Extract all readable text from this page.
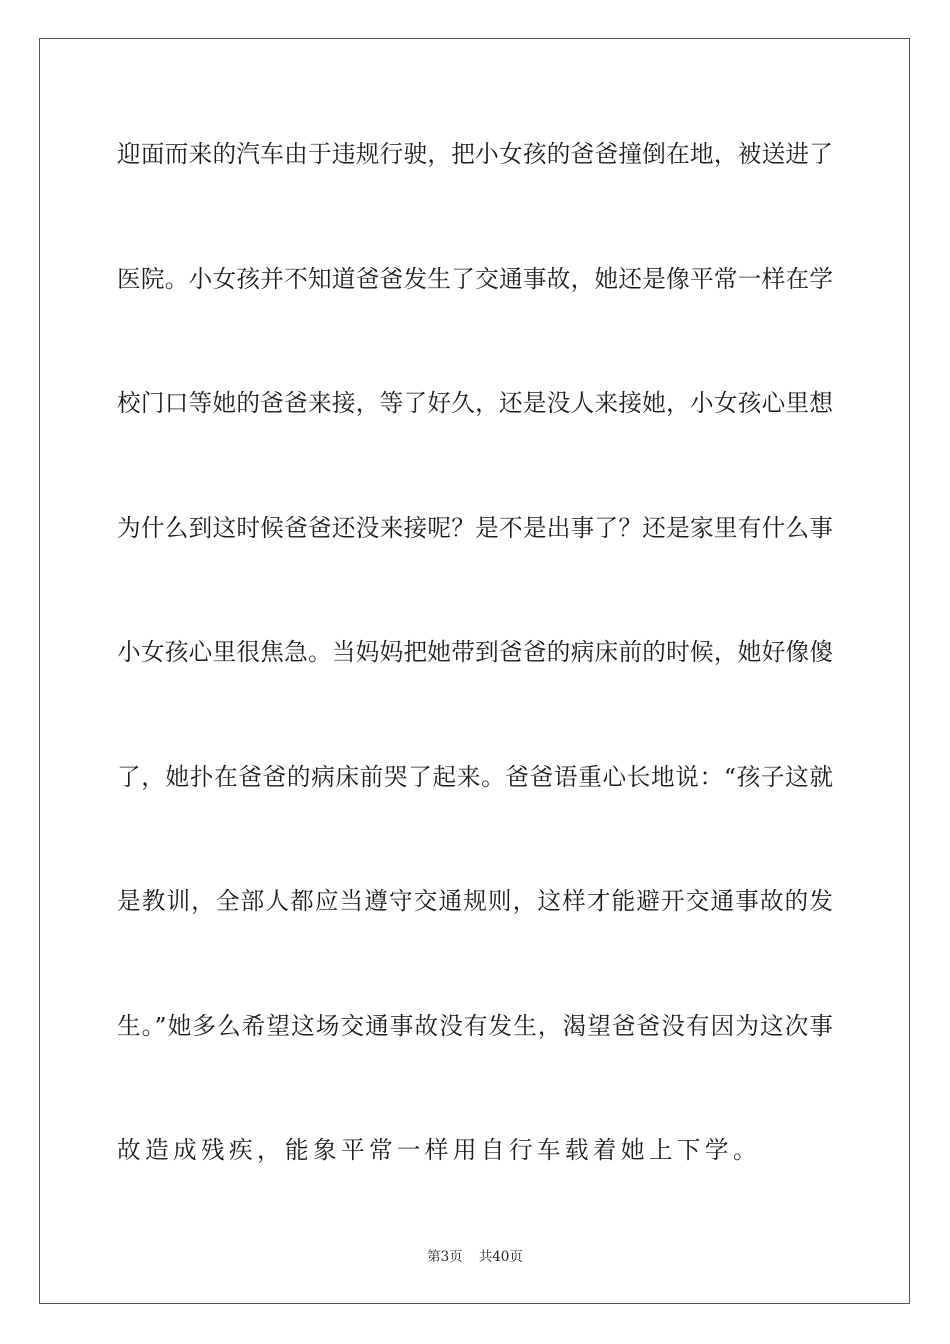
迎面而来的汽车由于违规行驶，把小女孩的爸爸撞倒在地，被送进了
医院。小女孩并不知道爸爸发生了交通事故，她还是像平常一样在学
校门口等她的爸爸来接，等了好久，还是没人来接她，小女孩心里想
为什么到这时候爸爸还没来接呢？是不是出事了？还是家里有什么事
小女孩心里很焦急。当妈妈把她带到爸爸的病床前的时候，她好像傻
了，她扑在爸爸的病床前哭了起来。爸爸语重心长地说：“孩子这就
是教训，全部人都应当遵守交通规则，这样才能避开交通事故的发
生。”她多么希望这场交通事故没有发生，渴望爸爸没有因为这次事
故造成残疾，能象平常一样用自行车载着她上下学。
第3页 共40页
